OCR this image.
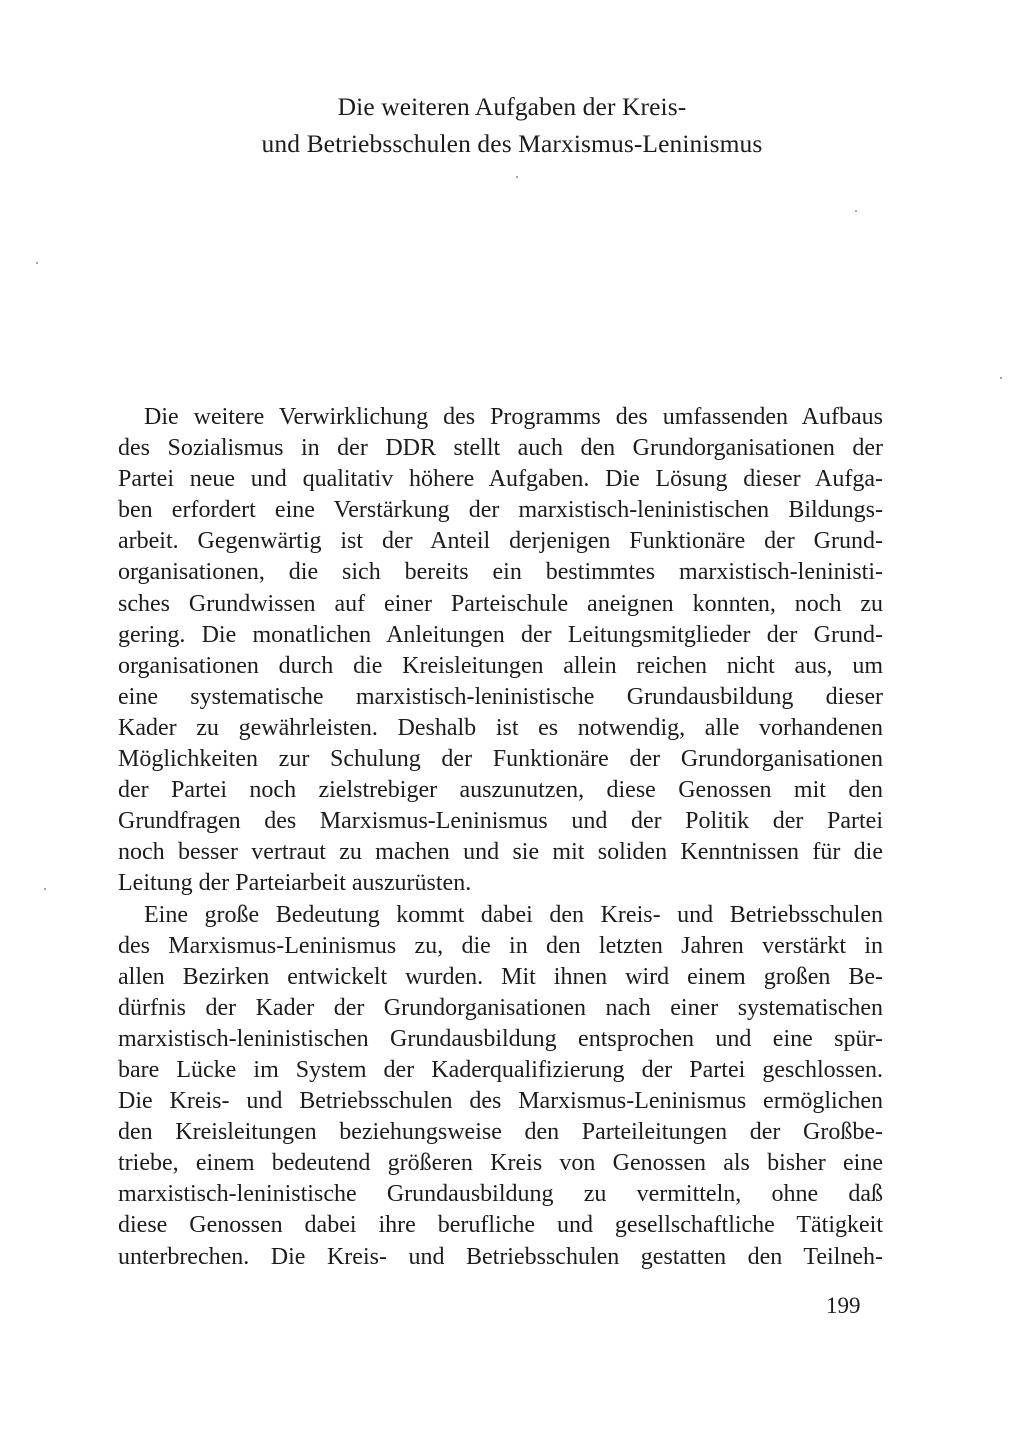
Die weiteren Aufgaben der Kreis-
und Betriebsschulen des Marxismus-Leninismus
Die weitere Verwirklichung des Programms des umfassenden Aufbaus
des Sozialismus in der DDR stellt auch den Grundorganisationen der
Partei neue und qualitativ höhere Aufgaben. Die Lösung dieser Aufga-
ben erfordert eine Verstärkung der marxistisch-leninistischen Bildungs-
arbeit. Gegenwärtig ist der Anteil derjenigen Funktionäre der Grund-
organisationen, die sich bereits ein bestimmtes marxistisch-leninisti-
sches Grundwissen auf einer Parteischule aneignen konnten, noch zu
gering. Die monatlichen Anleitungen der Leitungsmitglieder der Grund-
organisationen durch die Kreisleitungen allein reichen nicht aus, um
eine systematische marxistisch-leninistische Grundausbildung dieser
Kader zu gewährleisten. Deshalb ist es notwendig, alle vorhandenen
Möglichkeiten zur Schulung der Funktionäre der Grundorganisationen
der Partei noch zielstrebiger auszunutzen, diese Genossen mit den
Grundfragen des Marxismus-Leninismus und der Politik der Partei
noch besser vertraut zu machen und sie mit soliden Kenntnissen für die
Leitung der Parteiarbeit auszurüsten.
Eine große Bedeutung kommt dabei den Kreis- und Betriebsschulen
des Marxismus-Leninismus zu, die in den letzten Jahren verstärkt in
allen Bezirken entwickelt wurden. Mit ihnen wird einem großen Be-
dürfnis der Kader der Grundorganisationen nach einer systematischen
marxistisch-leninistischen Grundausbildung entsprochen und eine spür-
bare Lücke im System der Kaderqualifizierung der Partei geschlossen.
Die Kreis- und Betriebsschulen des Marxismus-Leninismus ermöglichen
den Kreisleitungen beziehungsweise den Parteileitungen der Großbe-
triebe, einem bedeutend größeren Kreis von Genossen als bisher eine
marxistisch-leninistische Grundausbildung zu vermitteln, ohne daß
diese Genossen dabei ihre berufliche und gesellschaftliche Tätigkeit
unterbrechen. Die Kreis- und Betriebsschulen gestatten den Teilneh-
199
